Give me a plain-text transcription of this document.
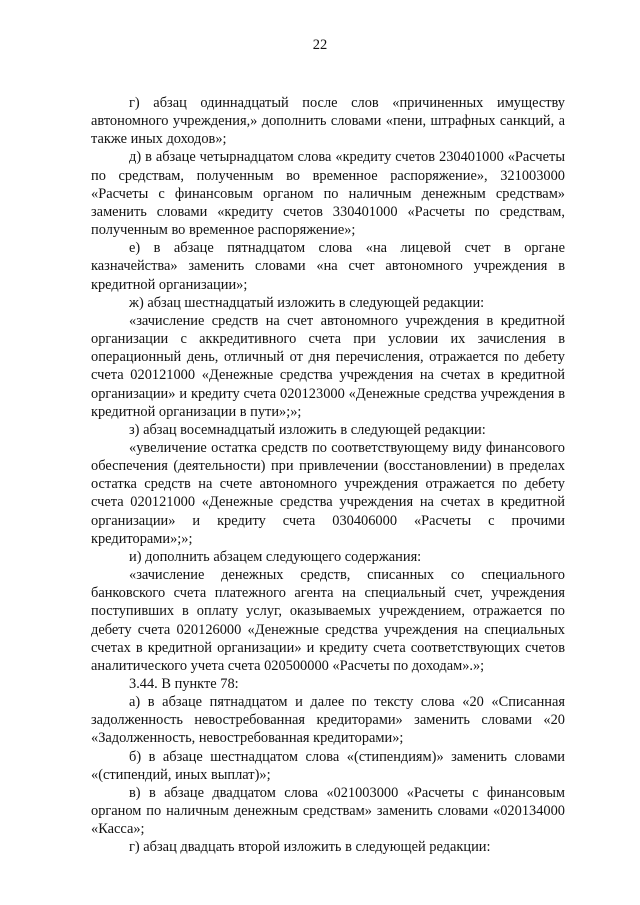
22

г) абзац одиннадцатый после слов «причиненных имуществу автономного учреждения,» дополнить словами «пени, штрафных санкций, а также иных доходов»;

д) в абзаце четырнадцатом слова «кредиту счетов 230401000 «Расчеты по средствам, полученным во временное распоряжение», 321003000 «Расчеты с финансовым органом по наличным денежным средствам» заменить словами «кредиту счетов 330401000 «Расчеты по средствам, полученным во временное распоряжение»;

е) в абзаце пятнадцатом слова «на лицевой счет в органе казначейства» заменить словами «на счет автономного учреждения в кредитной организации»;

ж) абзац шестнадцатый изложить в следующей редакции:

«зачисление средств на счет автономного учреждения в кредитной организации с аккредитивного счета при условии их зачисления в операционный день, отличный от дня перечисления, отражается по дебету счета 020121000 «Денежные средства учреждения на счетах в кредитной организации» и кредиту счета 020123000 «Денежные средства учреждения в кредитной организации в пути»;»;

з) абзац восемнадцатый изложить в следующей редакции:

«увеличение остатка средств по соответствующему виду финансового обеспечения (деятельности) при привлечении (восстановлении) в пределах остатка средств на счете автономного учреждения отражается по дебету счета 020121000 «Денежные средства учреждения на счетах в кредитной организации» и кредиту счета 030406000 «Расчеты с прочими кредиторами»;»;

и) дополнить абзацем следующего содержания:

«зачисление денежных средств, списанных со специального банковского счета платежного агента на специальный счет, учреждения поступивших в оплату услуг, оказываемых учреждением, отражается по дебету счета 020126000 «Денежные средства учреждения на специальных счетах в кредитной организации» и кредиту счета соответствующих счетов аналитического учета счета 020500000 «Расчеты по доходам».»;

3.44. В пункте 78:

а) в абзаце пятнадцатом и далее по тексту слова «20 «Списанная задолженность невостребованная кредиторами» заменить словами «20 «Задолженность, невостребованная кредиторами»;

б) в абзаце шестнадцатом слова «(стипендиям)» заменить словами «(стипендий, иных выплат)»;

в) в абзаце двадцатом слова «021003000 «Расчеты с финансовым органом по наличным денежным средствам» заменить словами «020134000 «Касса»;

г) абзац двадцать второй изложить в следующей редакции:
